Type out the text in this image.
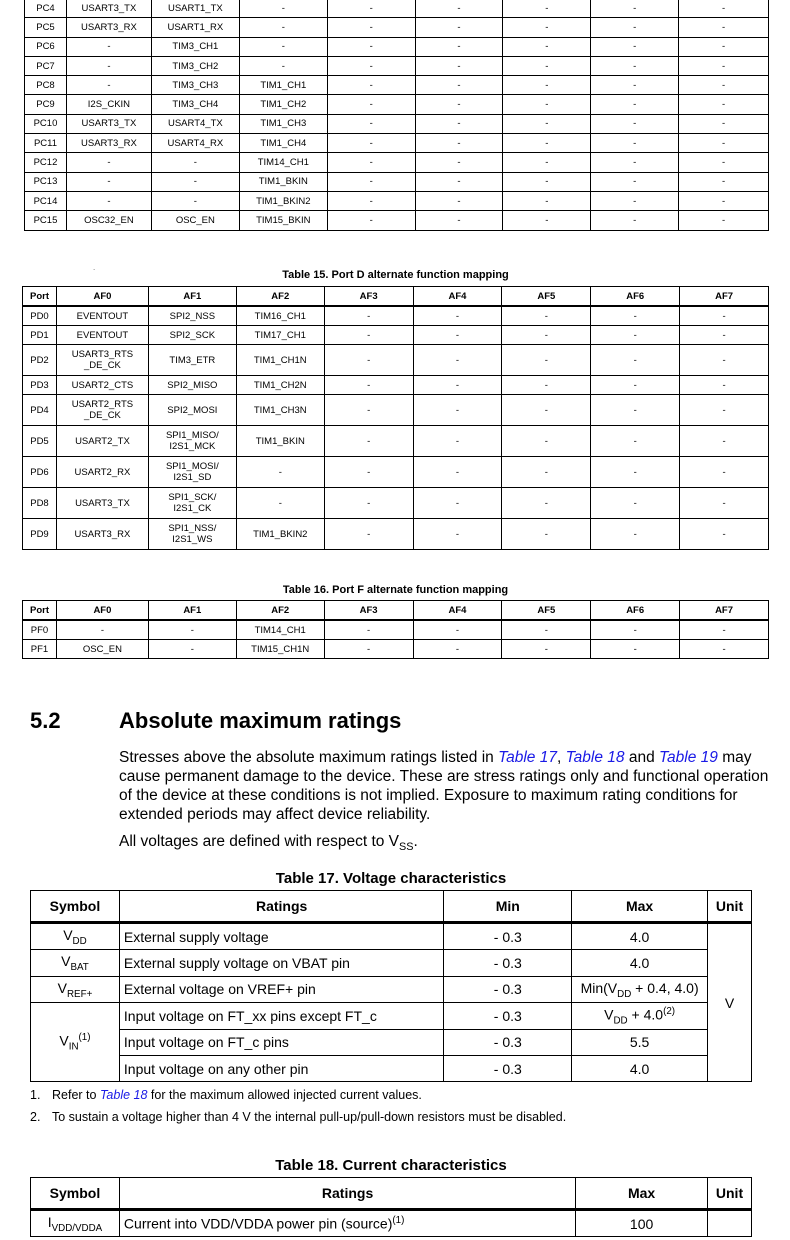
PC4	USART3_TX	USART1_TX	-	-	-	-	-	-
PC5	USART3_RX	USART1_RX	-	-	-	-	-	-
PC6	-	TIM3_CH1	-	-	-	-	-	-
PC7	-	TIM3_CH2	-	-	-	-	-	-
PC8	-	TIM3_CH3	TIM1_CH1	-	-	-	-	-
PC9	I2S_CKIN	TIM3_CH4	TIM1_CH2	-	-	-	-	-
PC10	USART3_TX	USART4_TX	TIM1_CH3	-	-	-	-	-
PC11	USART3_RX	USART4_RX	TIM1_CH4	-	-	-	-	-
PC12	-	-	TIM14_CH1	-	-	-	-	-
PC13	-	-	TIM1_BKIN	-	-	-	-	-
PC14	-	-	TIM1_BKIN2	-	-	-	-	-
PC15	OSC32_EN	OSC_EN	TIM15_BKIN	-	-	-	-	-
.
Table 15. Port D alternate function mapping
Port	AF0	AF1	AF2	AF3	AF4	AF5	AF6	AF7
PD0	EVENTOUT	SPI2_NSS	TIM16_CH1	-	-	-	-	-
PD1	EVENTOUT	SPI2_SCK	TIM17_CH1	-	-	-	-	-
PD2	USART3_RTS _DE_CK	TIM3_ETR	TIM1_CH1N	-	-	-	-	-
PD3	USART2_CTS	SPI2_MISO	TIM1_CH2N	-	-	-	-	-
PD4	USART2_RTS _DE_CK	SPI2_MOSI	TIM1_CH3N	-	-	-	-	-
PD5	USART2_TX	SPI1_MISO/ I2S1_MCK	TIM1_BKIN	-	-	-	-	-
PD6	USART2_RX	SPI1_MOSI/ I2S1_SD	-	-	-	-	-	-
PD8	USART3_TX	SPI1_SCK/ I2S1_CK	-	-	-	-	-	-
PD9	USART3_RX	SPI1_NSS/ I2S1_WS	TIM1_BKIN2	-	-	-	-	-
Table 16. Port F alternate function mapping
Port	AF0	AF1	AF2	AF3	AF4	AF5	AF6	AF7
PF0	-	-	TIM14_CH1	-	-	-	-	-
PF1	OSC_EN	-	TIM15_CH1N	-	-	-	-	-
5.2	Absolute maximum ratings
Stresses above the absolute maximum ratings listed in Table 17, Table 18 and Table 19 may cause permanent damage to the device. These are stress ratings only and functional operation of the device at these conditions is not implied. Exposure to maximum rating conditions for extended periods may affect device reliability.
All voltages are defined with respect to $V_{SS}$.
Table 17. Voltage characteristics
Symbol	Ratings	Min	Max	Unit
$V_{DD}$	External supply voltage	- 0.3	4.0	V
$V_{BAT}$	External supply voltage on VBAT pin	- 0.3	4.0	
$V_{REF+}$	External voltage on VREF+ pin	- 0.3	$Min(V_{DD} + 0.4$, 4.0)	
$V_{IN}^{(1)}$	Input voltage on FT_xx pins except FT_c	- 0.3	$V_{DD} + 4.0^{(2)}$
	Input voltage on FT_c pins	- 0.3	5.5	
	Input voltage on any other pin	- 0.3	4.0	
1. Refer to Table 18 for the maximum allowed injected current values.
2. To sustain a voltage higher than 4 V the internal pull-up/pull-down resistors must be disabled.
Table 18. Current characteristics
Symbol	Ratings	Max	Unit
$I_{VDD/VDDA}$	Current into VDD/VDDA power pin (source)$^{(1)}$	100	
